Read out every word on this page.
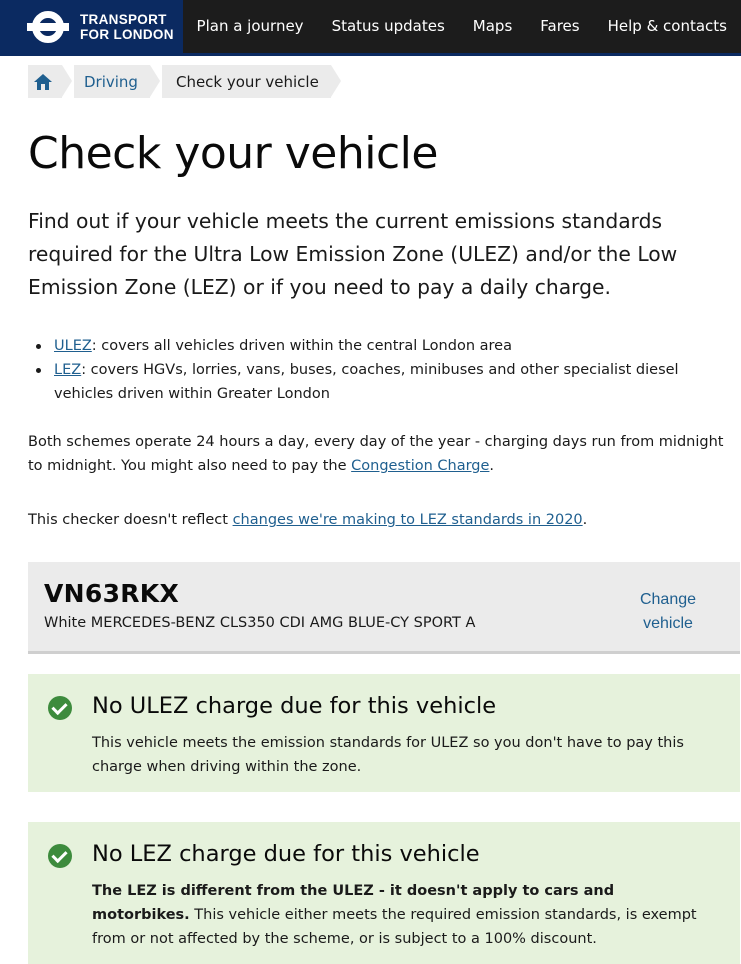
TRANSPORT
FOR LONDON	Plan a journey	Status updates	Maps	Fares	Help & contacts
Driving	Check your vehicle
Check your vehicle

Find out if your vehicle meets the current emissions standards required for the Ultra Low Emission Zone (ULEZ) and/or the Low Emission Zone (LEZ) or if you need to pay a daily charge.

ULEZ: covers all vehicles driven within the central London area
LEZ: covers HGVs, lorries, vans, buses, coaches, minibuses and other specialist diesel vehicles driven within Greater London

Both schemes operate 24 hours a day, every day of the year - charging days run from midnight to midnight. You might also need to pay the Congestion Charge.

This checker doesn't reflect changes we're making to LEZ standards in 2020.

VN63RKX
White MERCEDES-BENZ CLS350 CDI AMG BLUE-CY SPORT A
Change
vehicle
No ULEZ charge due for this vehicle

This vehicle meets the emission standards for ULEZ so you don't have to pay this charge when driving within the zone.

No LEZ charge due for this vehicle

The LEZ is different from the ULEZ - it doesn't apply to cars and motorbikes. This vehicle either meets the required emission standards, is exempt from or not affected by the scheme, or is subject to a 100% discount.
